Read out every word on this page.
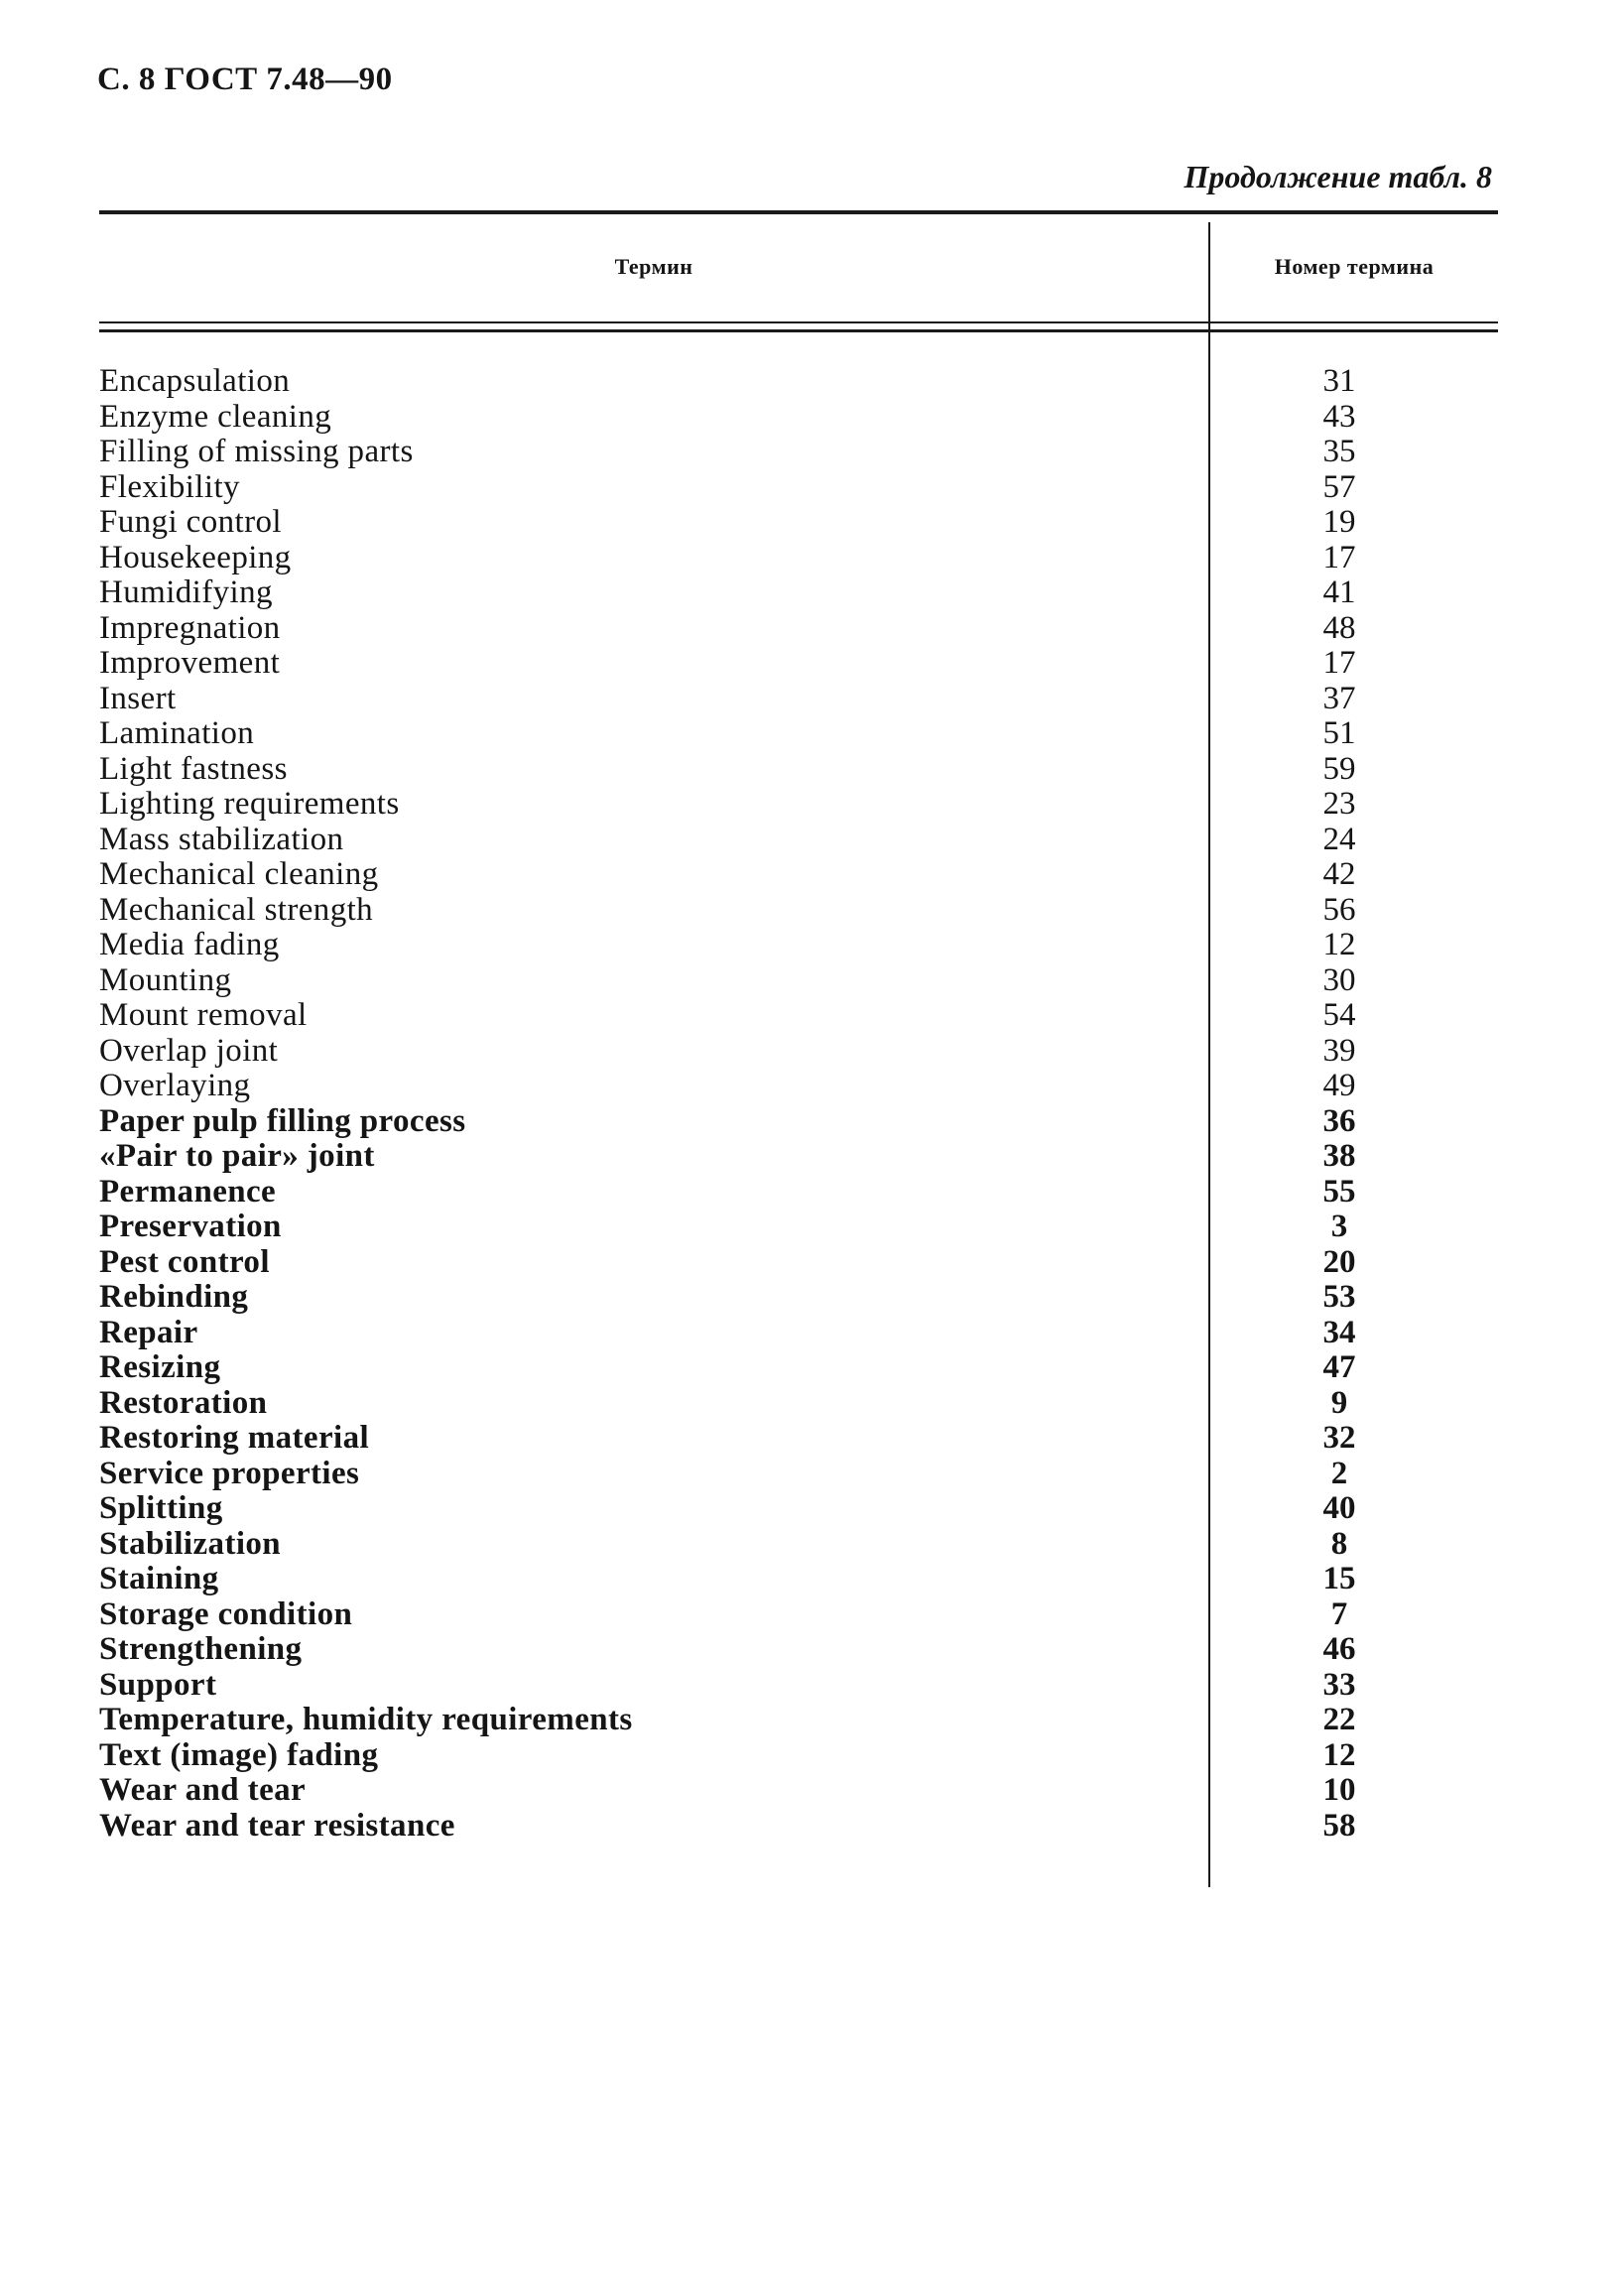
С. 8 ГОСТ 7.48—90
Продолжение табл. 8
Термин	Номер термина
Encapsulation	31
Enzyme cleaning	43
Filling of missing parts	35
Flexibility	57
Fungi control	19
Housekeeping	17
Humidifying	41
Impregnation	48
Improvement	17
Insert	37
Lamination	51
Light fastness	59
Lighting requirements	23
Mass stabilization	24
Mechanical cleaning	42
Mechanical strength	56
Media fading	12
Mounting	30
Mount removal	54
Overlap joint	39
Overlaying	49
Paper pulp filling process	36
«Pair to pair» joint	38
Permanence	55
Preservation	3
Pest control	20
Rebinding	53
Repair	34
Resizing	47
Restoration	9
Restoring material	32
Service properties	2
Splitting	40
Stabilization	8
Staining	15
Storage condition	7
Strengthening	46
Support	33
Temperature, humidity requirements	22
Text (image) fading	12
Wear and tear	10
Wear and tear resistance	58
